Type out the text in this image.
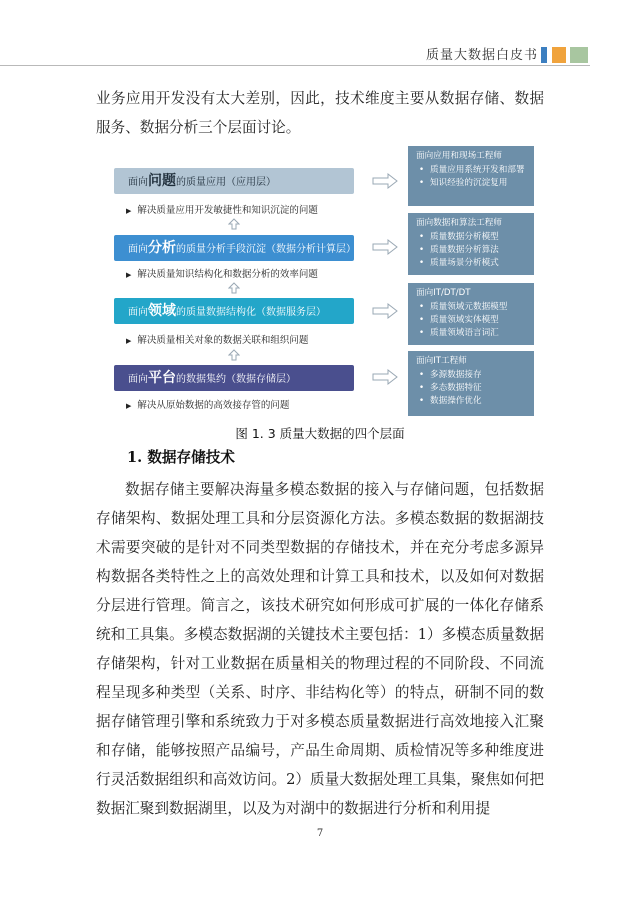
质量大数据白皮书

业务应用开发没有太大差别，因此，技术维度主要从数据存储、数据服务、数据分析三个层面讨论。

面向问题的质量应用（应用层）
▶ 解决质量应用开发敏捷性和知识沉淀的问题
面向分析的质量分析手段沉淀（数据分析计算层）
▶ 解决质量知识结构化和数据分析的效率问题
面向领域的质量数据结构化（数据服务层）
▶ 解决质量相关对象的数据关联和组织问题
面向平台的数据集约（数据存储层）
▶ 解决从原始数据的高效接存管的问题
面向应用和现场工程师
• 质量应用系统开发和部署
• 知识经验的沉淀复用
面向数据和算法工程师
• 质量数据分析模型
• 质量数据分析算法
• 质量场景分析模式
面向IT/DT/DT
• 质量领域元数据模型
• 质量领域实体模型
• 质量领域语言词汇
面向IT工程师
• 多源数据接存
• 多态数据特征
• 数据操作优化
图 1. 3 质量大数据的四个层面
1. 数据存储技术

数据存储主要解决海量多模态数据的接入与存储问题，包括数据存储架构、数据处理工具和分层资源化方法。多模态数据的数据湖技术需要突破的是针对不同类型数据的存储技术，并在充分考虑多源异构数据各类特性之上的高效处理和计算工具和技术，以及如何对数据分层进行管理。简言之，该技术研究如何形成可扩展的一体化存储系统和工具集。多模态数据湖的关键技术主要包括：1）多模态质量数据存储架构，针对工业数据在质量相关的物理过程的不同阶段、不同流程呈现多种类型（关系、时序、非结构化等）的特点，研制不同的数据存储管理引擎和系统致力于对多模态质量数据进行高效地接入汇聚和存储，能够按照产品编号，产品生命周期、质检情况等多种维度进行灵活数据组织和高效访问。2）质量大数据处理工具集，聚焦如何把数据汇聚到数据湖里，以及为对湖中的数据进行分析和利用提

7
